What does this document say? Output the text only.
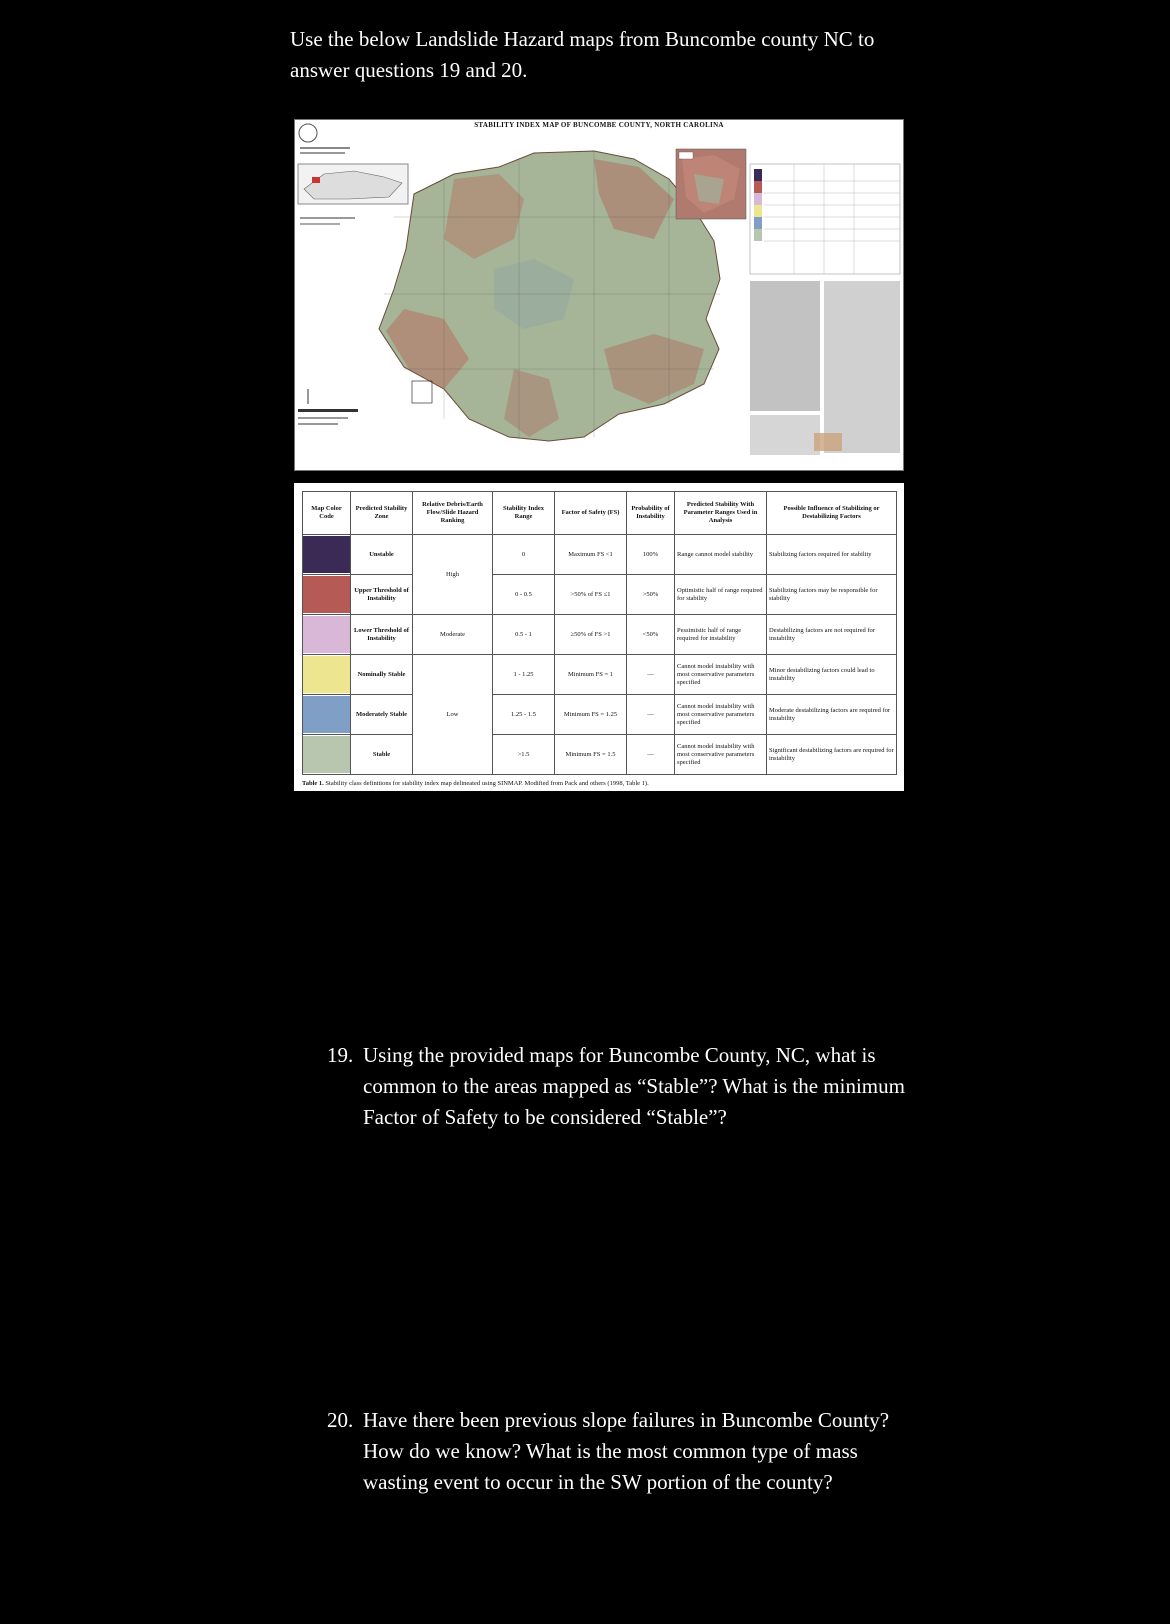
Use the below Landslide Hazard maps from Buncombe county NC to answer questions 19 and 20.
STABILITY INDEX MAP OF BUNCOMBE COUNTY, NORTH CAROLINA
Map Color Code	Predicted Stability Zone	Relative Debris/Earth Flow/Slide Hazard Ranking	Stability Index Range	Factor of Safety (FS)	Probability of Instability	Predicted Stability With Parameter Ranges Used in Analysis	Possible Influence of Stabilizing or Destabilizing Factors

	Unstable	High	0	Maximum FS <1	100%	Range cannot model stability	Stabilizing factors required for stability

	Upper Threshold of Instability		0 - 0.5	>50% of FS ≤1	>50%	Optimistic half of range required for stability	Stabilizing factors may be responsible for stability

	Lower Threshold of Instability	Moderate	0.5 - 1	≥50% of FS >1	<50%	Pessimistic half of range required for instability	Destabilizing factors are not required for instability

	Nominally Stable	Low	1 - 1.25	Minimum FS = 1	—	Cannot model instability with most conservative parameters specified	Minor destabilizing factors could lead to instability

	Moderately Stable		1.25 - 1.5	Minimum FS = 1.25	—	Cannot model instability with most conservative parameters specified	Moderate destabilizing factors are required for instability

	Stable		>1.5	Minimum FS = 1.5	—	Cannot model instability with most conservative parameters specified	Significant destabilizing factors are required for instability
Table 1. Stability class definitions for stability index map delineated using SINMAP. Modified from Pack and others (1998, Table 1).
19. Using the provided maps for Buncombe County, NC, what is common to the areas mapped as “Stable”? What is the minimum Factor of Safety to be considered “Stable”?
20. Have there been previous slope failures in Buncombe County? How do we know? What is the most common type of mass wasting event to occur in the SW portion of the county?
